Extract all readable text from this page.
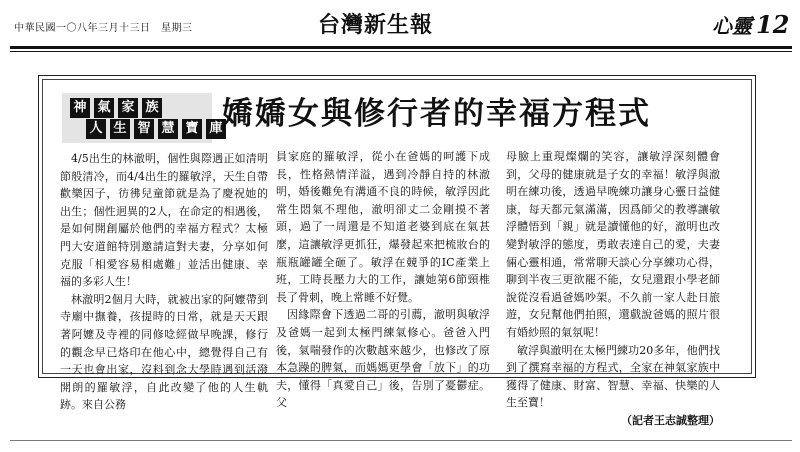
中華民國一〇八年三月十三日　星期三	台灣新生報	心靈 12
神 氣 家 族
人 生 智 慧 寶 庫 嬌嬌女與修行者的幸福方程式

4/5出生的林澈明，個性與際遇正如清明節般清冷，而4/4出生的羅敏浮，天生自帶歡樂因子，彷彿兒童節就是為了慶祝她的出生；個性迥異的2人，在命定的相遇後，是如何開創屬於他們的幸福方程式？太極門大安道館特別邀請這對夫妻，分享如何克服「相愛容易相處難」並活出健康、幸福的多彩人生！

林澈明2個月大時，就被出家的阿嬤帶到寺廟中撫養，孩提時的日常，就是天天跟著阿嬤及寺裡的同修唸經做早晚課，修行的觀念早已烙印在他心中，總覺得自己有一天也會出家，沒料到念大學時遇到活潑開朗的羅敏浮，自此改變了他的人生軌跡。來自公務

員家庭的羅敏浮，從小在爸媽的呵護下成長，性格熱情洋溢，遇到冷靜自持的林澈明，婚後難免有溝通不良的時候，敏浮因此常生悶氣不理他，澈明卻丈二金剛摸不著頭，過了一周還是不知道老婆到底在氣甚麼，這讓敏浮更抓狂，爆發起來把梳妝台的瓶瓶罐罐全砸了。敏浮在競爭的IC產業上班，工時長壓力大的工作，讓她第6節頸椎長了骨刺，晚上常睡不好覺。

因緣際會下透過二哥的引薦，澈明與敏浮及爸媽一起到太極門練氣修心。爸爸入門後，氣喘發作的次數越來越少，也修改了原本急躁的脾氣，而媽媽更學會「放下」的功夫，懂得「真愛自己」後，告別了憂鬱症。父

母臉上重現燦爛的笑容，讓敏浮深刻體會到，父母的健康就是子女的幸福！敏浮與澈明在練功後，透過早晚練功讓身心靈日益健康，每天都元氣滿滿，因爲師父的教導讓敏浮體悟到「親」就是讀懂他的好，澈明也改變對敏浮的態度，勇敢表達自己的愛，夫妻倆心靈相通，常常聊天談心分享練功心得，聊到半夜三更欲罷不能，女兒還跟小學老師說從沒看過爸媽吵架。不久前一家人赴日旅遊，女兒幫他們拍照，還戲說爸媽的照片很有婚紗照的氣氛呢！

敏浮與澈明在太極門練功20多年，他們找到了撰寫幸福的方程式，全家在神氣家族中獲得了健康、財富、智慧、幸福、快樂的人生至寶！

（記者王志誠整理）
